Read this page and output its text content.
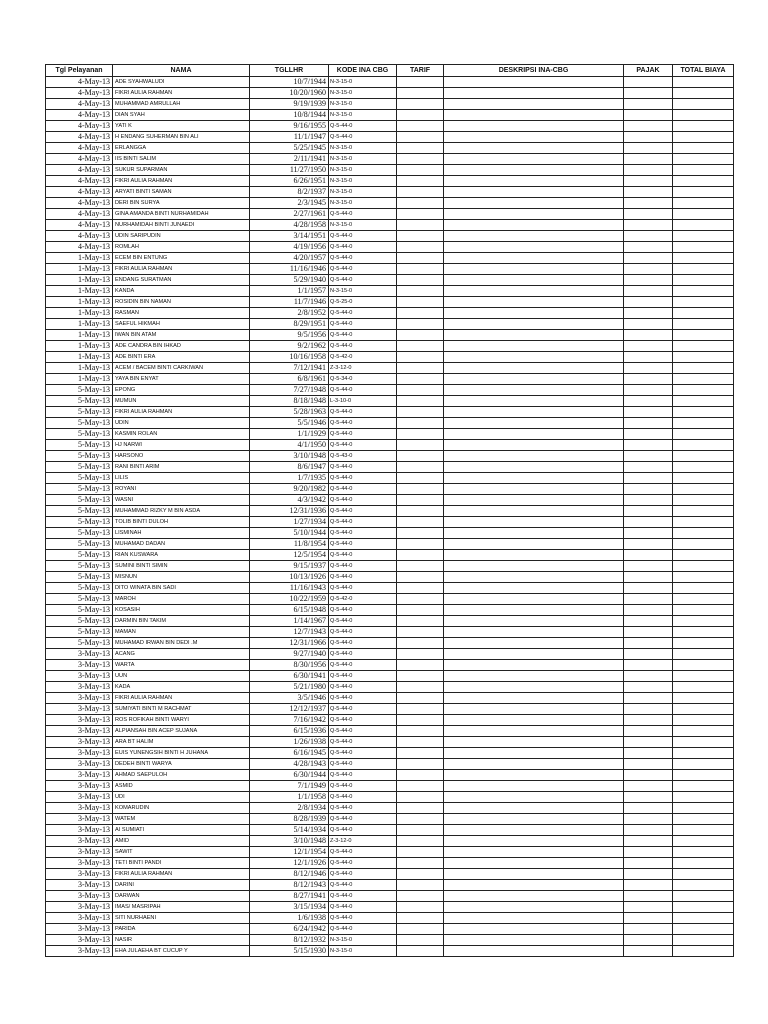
Tgl Pelayanan	NAMA	TGLLHR	KODE INA CBG	TARIF	DESKRIPSI INA-CBG	PAJAK	TOTAL BIAYA
4-May-13	ADE SYAHWALUDI	10/7/1944	N-3-15-0				
4-May-13	FIKRI AULIA RAHMAN	10/20/1960	N-3-15-0				
4-May-13	MUHAMMAD AMRULLAH	9/19/1939	N-3-15-0				
4-May-13	DIAN SYAH	10/8/1944	N-3-15-0				
4-May-13	YATI K	9/16/1955	Q-5-44-0				
4-May-13	H ENDANG SUHERMAN BIN ALI	11/1/1947	Q-5-44-0				
4-May-13	ERLANGGA	5/25/1945	N-3-15-0				
4-May-13	IIS BINTI SALIM	2/11/1941	N-3-15-0				
4-May-13	SUKUR SUPARMAN	11/27/1950	N-3-15-0				
4-May-13	FIKRI AULIA RAHMAN	6/26/1951	N-3-15-0				
4-May-13	ARYATI BINTI SAMAN	8/2/1937	N-3-15-0				
4-May-13	DERI BIN SURYA	2/3/1945	N-3-15-0				
4-May-13	GINA AMANDA BINTI NURHAMIDAH	2/27/1961	Q-5-44-0				
4-May-13	NURHAMIDAH BINTI JUNAEDI	4/28/1958	N-3-15-0				
4-May-13	UDIN SARIPUDIN	3/14/1951	Q-5-44-0				
4-May-13	ROMLAH	4/19/1956	Q-5-44-0				
1-May-13	ECEM BIN ENTUNG	4/20/1957	Q-5-44-0				
1-May-13	FIKRI AULIA RAHMAN	11/16/1946	Q-5-44-0				
1-May-13	ENDANG SURATMAN	5/29/1940	Q-5-44-0				
1-May-13	KANDA	1/1/1957	N-3-15-0				
1-May-13	ROSIDIN BIN NAMAN	11/7/1946	Q-5-25-0				
1-May-13	RASMAN	2/8/1952	Q-5-44-0				
1-May-13	SAEFUL HIKMAH	8/29/1951	Q-5-44-0				
1-May-13	IWAN BIN ATAM	9/5/1956	Q-5-44-0				
1-May-13	ADE CANDRA BIN IHKAD	9/2/1962	Q-5-44-0				
1-May-13	ADE BINTI ERA	10/16/1958	Q-5-42-0				
1-May-13	ACEM / BACEM BINTI CARKIWAN	7/12/1941	Z-3-12-0				
1-May-13	YAYA BIN ENYAT	6/8/1961	Q-5-34-0				
5-May-13	EPONG	7/27/1948	Q-5-44-0				
5-May-13	MUMUN	8/18/1948	L-3-10-0				
5-May-13	FIKRI AULIA RAHMAN	5/28/1963	Q-5-44-0				
5-May-13	UDIN	5/5/1946	Q-5-44-0				
5-May-13	KASMIN ROLAN	1/1/1929	Q-5-44-0				
5-May-13	HJ NARWI	4/1/1950	Q-5-44-0				
5-May-13	HARSONO	3/10/1948	Q-5-43-0				
5-May-13	RANI BINTI ARIM	8/6/1947	Q-5-44-0				
5-May-13	LILIS	1/7/1935	Q-5-44-0				
5-May-13	ROYANI	9/20/1982	Q-5-44-0				
5-May-13	WASNI	4/3/1942	Q-5-44-0				
5-May-13	MUHAMMAD RIZKY M BIN ASDA	12/31/1936	Q-5-44-0				
5-May-13	TOLIB BINTI DULOH	1/27/1934	Q-5-44-0				
5-May-13	LISMINAH	5/10/1944	Q-5-44-0				
5-May-13	MUHAMAD DADAN	11/8/1954	Q-5-44-0				
5-May-13	RIAN KUSWARA	12/5/1954	Q-5-44-0				
5-May-13	SUMINI BINTI SIMIN	9/15/1937	Q-5-44-0				
5-May-13	MISNUN	10/13/1926	Q-5-44-0				
5-May-13	DITO WINATA BIN SADI	11/16/1943	Q-5-44-0				
5-May-13	MAROH	10/22/1959	Q-5-42-0				
5-May-13	KOSASIH	6/15/1948	Q-5-44-0				
5-May-13	DARMIN BIN TAKIM	1/14/1967	Q-5-44-0				
5-May-13	MAMAN	12/7/1943	Q-5-44-0				
5-May-13	MUHAMAD IRWAN BIN DEDI .M	12/31/1966	Q-5-44-0				
3-May-13	ACANG	9/27/1940	Q-5-44-0				
3-May-13	WARTA	8/30/1956	Q-5-44-0				
3-May-13	UUN	6/30/1941	Q-5-44-0				
3-May-13	KADA	5/21/1980	Q-5-44-0				
3-May-13	FIKRI AULIA RAHMAN	3/5/1946	Q-5-44-0				
3-May-13	SUMIYATI BINTI M RACHMAT	12/12/1937	Q-5-44-0				
3-May-13	ROS ROFIKAH BINTI WARYI	7/16/1942	Q-5-44-0				
3-May-13	ALPIANSAH BIN ACEP SUJANA	6/15/1936	Q-5-44-0				
3-May-13	ARA BT HALIM	1/26/1938	Q-5-44-0				
3-May-13	EUIS YUNENGSIH BINTI H JUHANA	6/16/1945	Q-5-44-0				
3-May-13	DEDEH BINTI WARYA	4/28/1943	Q-5-44-0				
3-May-13	AHMAD SAEPULOH	6/30/1944	Q-5-44-0				
3-May-13	ASMID	7/1/1949	Q-5-44-0				
3-May-13	UDI	1/1/1958	Q-5-44-0				
3-May-13	KOMARUDIN	2/8/1934	Q-5-44-0				
3-May-13	WATEM	8/28/1939	Q-5-44-0				
3-May-13	AI SUMIATI	5/14/1934	Q-5-44-0				
3-May-13	AMID	3/10/1948	Z-3-12-0				
3-May-13	SAWIT	12/1/1954	Q-5-44-0				
3-May-13	TETI BINTI PANDI	12/1/1926	Q-5-44-0				
3-May-13	FIKRI AULIA RAHMAN	8/12/1946	Q-5-44-0				
3-May-13	DARINI	8/12/1943	Q-5-44-0				
3-May-13	DARWAN	8/27/1941	Q-5-44-0				
3-May-13	IMAS/ MASRIPAH	3/15/1934	Q-5-44-0				
3-May-13	SITI NURHAENI	1/6/1938	Q-5-44-0				
3-May-13	PARIDA	6/24/1942	Q-5-44-0				
3-May-13	NASIR	8/12/1932	N-3-15-0				
3-May-13	EHA JULAEHA BT CUCUP Y	5/15/1930	N-3-15-0				
